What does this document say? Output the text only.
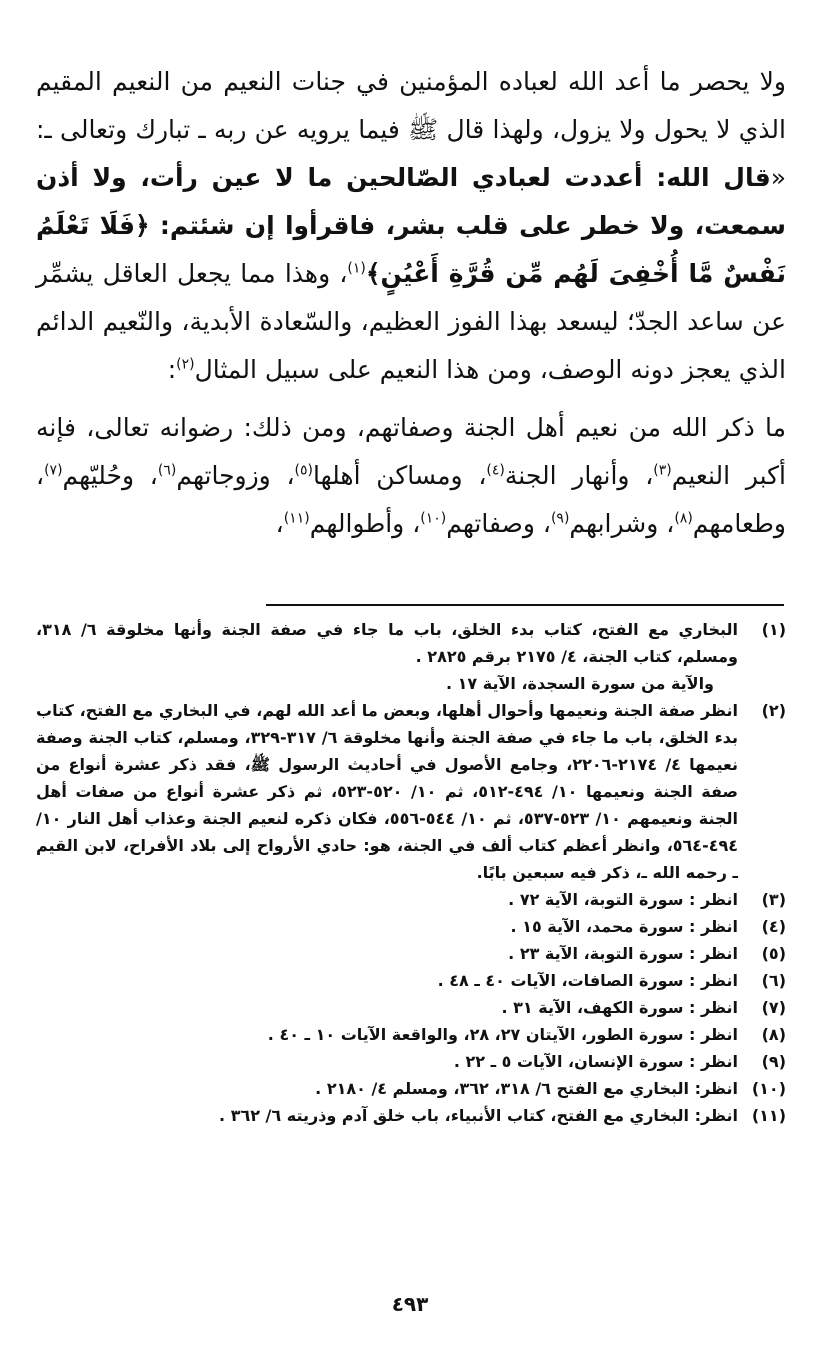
ولا يحصر ما أعد الله لعباده المؤمنين في جنات النعيم من النعيم المقيم الذي لا يحول ولا يزول، ولهذا قال ﷺ فيما يرويه عن ربه ـ تبارك وتعالى ـ: «قال الله: أعددت لعبادي الصّالحين ما لا عين رأت، ولا أذن سمعت، ولا خطر على قلب بشر، فاقرأوا إن شئتم: ﴿فَلَا تَعْلَمُ نَفْسٌ مَّا أُخْفِىَ لَهُم مِّن قُرَّةِ أَعْيُنٍ﴾$^{(١)}$، وهذا مما يجعل العاقل يشمِّر عن ساعد الجدّ؛ ليسعد بهذا الفوز العظيم، والسّعادة الأبدية، والنّعيم الدائم الذي يعجز دونه الوصف، ومن هذا النعيم على سبيل المثال$^{(٢)}$:

ما ذكر الله من نعيم أهل الجنة وصفاتهم، ومن ذلك: رضوانه تعالى، فإنه أكبر النعيم$^{(٣)}$، وأنهار الجنة$^{(٤)}$، ومساكن أهلها$^{(٥)}$، وزوجاتهم$^{(٦)}$، وحُليّهم$^{(٧)}$، وطعامهم$^{(٨)}$، وشرابهم$^{(٩)}$، وصفاتهم$^{(١٠)}$، وأطوالهم$^{(١١)}$،

(١)
البخاري مع الفتح، كتاب بدء الخلق، باب ما جاء في صفة الجنة وأنها مخلوقة ٦/ ٣١٨، ومسلم، كتاب الجنة، ٤/ ٢١٧٥ برقم ٢٨٢٥ .
والآية من سورة السجدة، الآية ١٧ .
(٢)
انظر صفة الجنة ونعيمها وأحوال أهلها، وبعض ما أعد الله لهم، في البخاري مع الفتح، كتاب بدء الخلق، باب ما جاء في صفة الجنة وأنها مخلوقة ٦/ ٣١٧-٣٢٩، ومسلم، كتاب الجنة وصفة نعيمها ٤/ ٢١٧٤-٢٢٠٦، وجامع الأصول في أحاديث الرسول ﷺ، فقد ذكر عشرة أنواع من صفة الجنة ونعيمها ١٠/ ٤٩٤-٥١٢، ثم ١٠/ ٥٢٠-٥٢٣، ثم ذكر عشرة أنواع من صفات أهل الجنة ونعيمهم ١٠/ ٥٢٣-٥٣٧، ثم ١٠/ ٥٤٤-٥٥٦، فكان ذكره لنعيم الجنة وعذاب أهل النار ١٠/ ٤٩٤-٥٦٤، وانظر أعظم كتاب ألف في الجنة، هو: حادي الأرواح إلى بلاد الأفراح، لابن القيم ـ رحمه الله ـ، ذكر فيه سبعين بابًا.
(٣)
انظر : سورة التوبة، الآية ٧٢ .
(٤)
انظر : سورة محمد، الآية ١٥ .
(٥)
انظر : سورة التوبة، الآية ٢٣ .
(٦)
انظر : سورة الصافات، الآيات ٤٠ ـ ٤٨ .
(٧)
انظر : سورة الكهف، الآية ٣١ .
(٨)
انظر : سورة الطور، الآيتان ٢٧، ٢٨، والواقعة الآيات ١٠ ـ ٤٠ .
(٩)
انظر : سورة الإنسان، الآيات ٥ ـ ٢٢ .
(١٠)
انظر: البخاري مع الفتح ٦/ ٣١٨، ٣٦٢، ومسلم ٤/ ٢١٨٠ .
(١١)
انظر: البخاري مع الفتح، كتاب الأنبياء، باب خلق آدم وذريته ٦/ ٣٦٢ .
٤٩٣
